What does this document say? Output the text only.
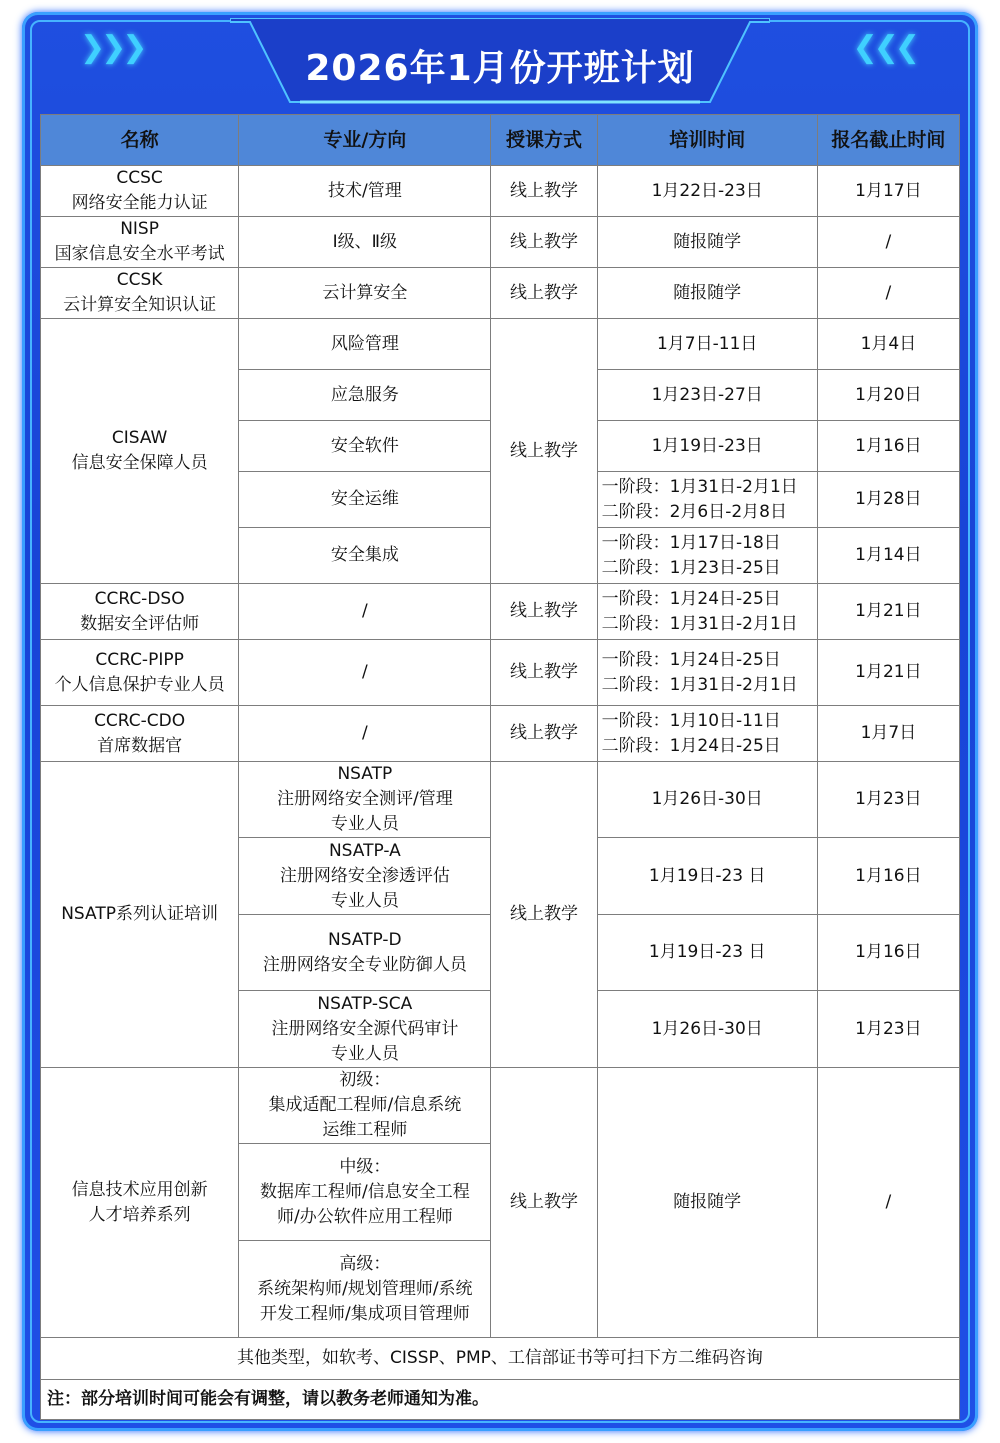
2026年1月份开班计划
❯❯❯	❮❮❮
名称	专业/方向	授课方式	培训时间	报名截止时间

CCSC
网络安全能力认证	技术/管理	线上教学	1月22日-23日	1月17日

NISP
国家信息安全水平考试	Ⅰ级、Ⅱ级	线上教学	随报随学	/

CCSK
云计算安全知识认证	云计算安全	线上教学	随报随学	/

CISAW
信息安全保障人员	风险管理	线上教学	1月7日-11日	1月4日
	应急服务		1月23日-27日	1月20日
	安全软件		1月19日-23日	1月16日
	安全运维		一阶段：1月31日-2月1日
二阶段：2月6日-2月8日	1月28日
	安全集成		一阶段：1月17日-18日
二阶段：1月23日-25日	1月14日

CCRC-DSO
数据安全评估师	/	线上教学	一阶段：1月24日-25日
二阶段：1月31日-2月1日	1月21日

CCRC-PIPP
个人信息保护专业人员	/	线上教学	一阶段：1月24日-25日
二阶段：1月31日-2月1日	1月21日

CCRC-CDO
首席数据官	/	线上教学	一阶段：1月10日-11日
二阶段：1月24日-25日	1月7日
NSATP系列认证培训	NSATP
注册网络安全测评/管理
专业人员	线上教学	1月26日-30日	1月23日

	NSATP-A
注册网络安全渗透评估
专业人员		1月19日-23 日	1月16日

	NSATP-D
注册网络安全专业防御人员		1月19日-23 日	1月16日

	NSATP-SCA
注册网络安全源代码审计
专业人员		1月26日-30日	1月23日

信息技术应用创新
人才培养系列	初级：
集成适配工程师/信息系统
运维工程师	线上教学	随报随学	/

	中级：
数据库工程师/信息安全工程
师/办公软件应用工程师			

	高级：
系统架构师/规划管理师/系统
开发工程师/集成项目管理师			

其他类型，如软考、CISSP、PMP、工信部证书等可扫下方二维码咨询				
注：部分培训时间可能会有调整，请以教务老师通知为准。				
